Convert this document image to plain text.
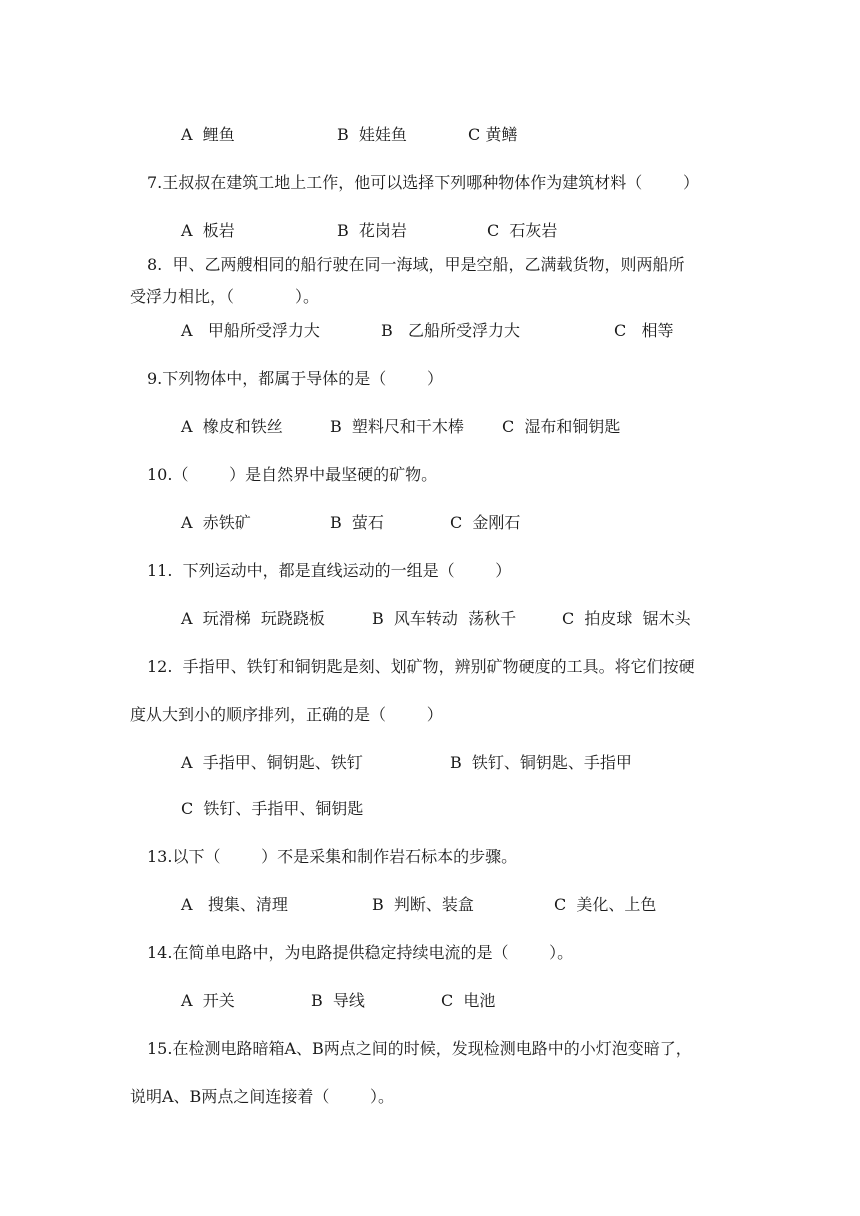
A  鲤鱼	B  娃娃鱼	C 黄鳝
7.王叔叔在建筑工地上工作，他可以选择下列哪种物体作为建筑材料（        ）
A  板岩	B  花岗岩	C  石灰岩
8.  甲、乙两艘相同的船行驶在同一海域，甲是空船，乙满载货物，则两船所
受浮力相比，（            ）。
A   甲船所受浮力大	B   乙船所受浮力大	C   相等
9.下列物体中，都属于导体的是（        ）
A  橡皮和铁丝	B  塑料尺和干木棒 C  湿布和铜钥匙
10.（        ）是自然界中最坚硬的矿物。
A  赤铁矿	B  萤石	C  金刚石
11.  下列运动中，都是直线运动的一组是（        ）
A  玩滑梯  玩跷跷板	B  风车转动  荡秋千	C  拍皮球  锯木头
12.  手指甲、铁钉和铜钥匙是刻、划矿物，辨别矿物硬度的工具。将它们按硬
度从大到小的顺序排列，正确的是（        ）
A  手指甲、铜钥匙、铁钉	B  铁钉、铜钥匙、手指甲
C  铁钉、手指甲、铜钥匙
13.以下（        ）不是采集和制作岩石标本的步骤。
A   搜集、清理	B  判断、装盒	C  美化、上色
14.在简单电路中，为电路提供稳定持续电流的是（        ）。
A  开关	B  导线	C  电池
15.在检测电路暗箱A、B两点之间的时候，发现检测电路中的小灯泡变暗了，
说明A、B两点之间连接着（        ）。
